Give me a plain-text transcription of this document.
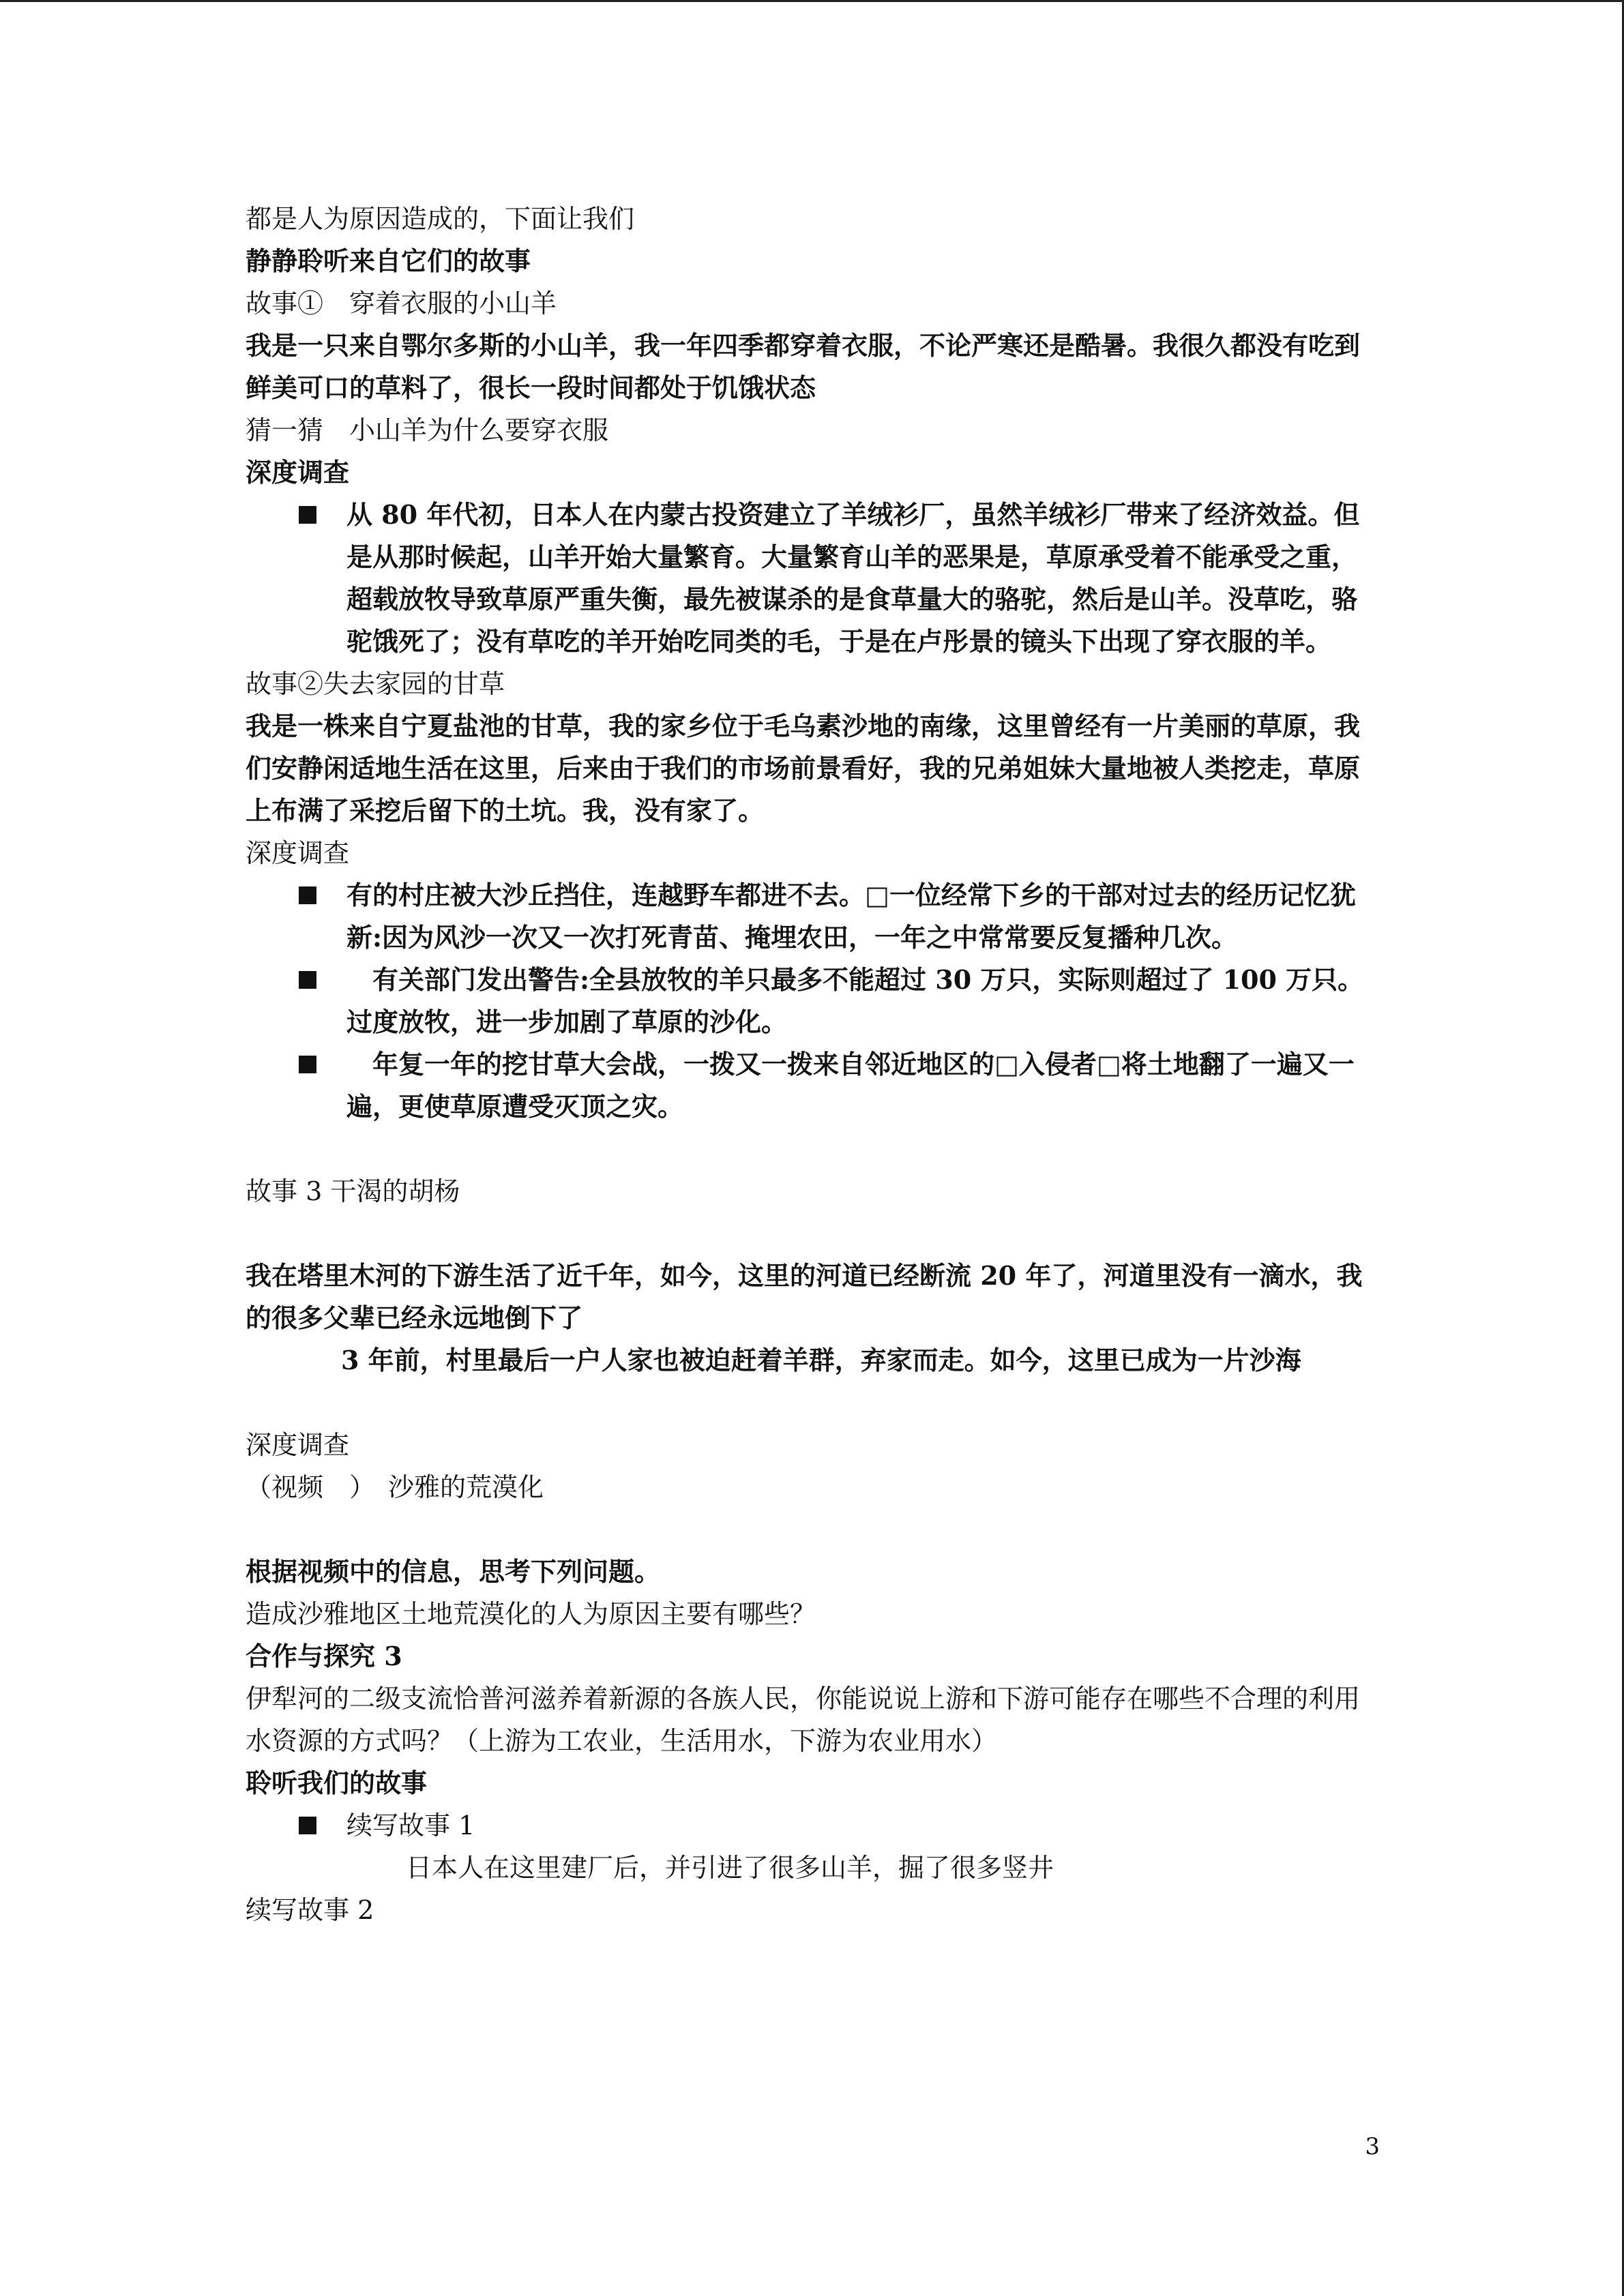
都是人为原因造成的，下面让我们
静静聆听来自它们的故事
故事①　穿着衣服的小山羊
我是一只来自鄂尔多斯的小山羊，我一年四季都穿着衣服，不论严寒还是酷暑。我很久都没有吃到鲜美可口的草料了，很长一段时间都处于饥饿状态
猜一猜　小山羊为什么要穿衣服
深度调查
从 80 年代初，日本人在内蒙古投资建立了羊绒衫厂，虽然羊绒衫厂带来了经济效益。但是从那时候起，山羊开始大量繁育。大量繁育山羊的恶果是，草原承受着不能承受之重，超载放牧导致草原严重失衡，最先被谋杀的是食草量大的骆驼，然后是山羊。没草吃，骆驼饿死了；没有草吃的羊开始吃同类的毛，于是在卢彤景的镜头下出现了穿衣服的羊。
故事②失去家园的甘草
我是一株来自宁夏盐池的甘草，我的家乡位于毛乌素沙地的南缘，这里曾经有一片美丽的草原，我们安静闲适地生活在这里，后来由于我们的市场前景看好，我的兄弟姐妹大量地被人类挖走，草原上布满了采挖后留下的土坑。我，没有家了。
深度调查
有的村庄被大沙丘挡住，连越野车都进不去。□一位经常下乡的干部对过去的经历记忆犹新:因为风沙一次又一次打死青苗、掩埋农田，一年之中常常要反复播种几次。
　有关部门发出警告:全县放牧的羊只最多不能超过 30 万只，实际则超过了 100 万只。过度放牧，进一步加剧了草原的沙化。
　年复一年的挖甘草大会战，一拨又一拨来自邻近地区的□入侵者□将土地翻了一遍又一遍，更使草原遭受灭顶之灾。
故事 3 干渴的胡杨
我在塔里木河的下游生活了近千年，如今，这里的河道已经断流 20 年了，河道里没有一滴水，我的很多父辈已经永远地倒下了
3 年前，村里最后一户人家也被迫赶着羊群，弃家而走。如今，这里已成为一片沙海
深度调查
（视频　）　沙雅的荒漠化
根据视频中的信息，思考下列问题。
造成沙雅地区土地荒漠化的人为原因主要有哪些？
合作与探究 3
伊犁河的二级支流恰普河滋养着新源的各族人民，你能说说上游和下游可能存在哪些不合理的利用水资源的方式吗？（上游为工农业，生活用水，下游为农业用水）
聆听我们的故事
续写故事 1
日本人在这里建厂后，并引进了很多山羊，掘了很多竖井
续写故事 2
3
